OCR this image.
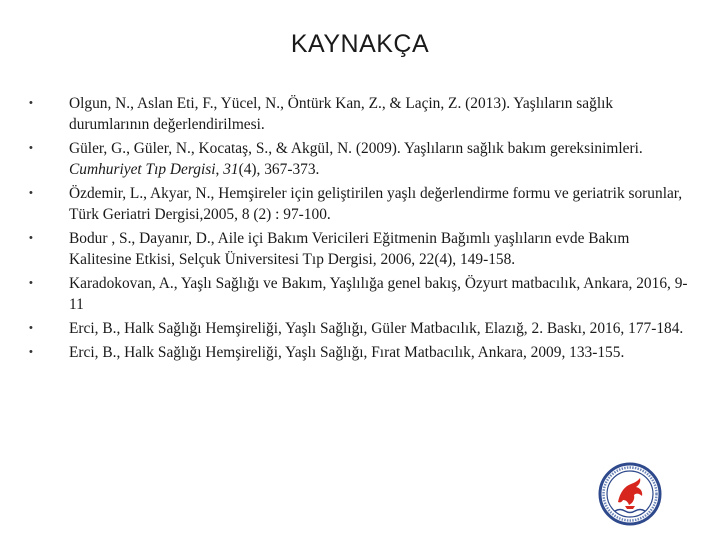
KAYNAKÇA
• Olgun, N., Aslan Eti, F., Yücel, N., Öntürk Kan, Z., & Laçin, Z. (2013). Yaşlıların sağlık durumlarının değerlendirilmesi.
• Güler, G., Güler, N., Kocataş, S., & Akgül, N. (2009). Yaşlıların sağlık bakım gereksinimleri. Cumhuriyet Tıp Dergisi, 31(4), 367-373.
• Özdemir, L., Akyar, N., Hemşireler için geliştirilen yaşlı değerlendirme formu ve geriatrik sorunlar, Türk Geriatri Dergisi,2005, 8 (2) : 97-100.
• Bodur , S., Dayanır, D., Aile içi Bakım Vericileri Eğitmenin Bağımlı yaşlıların evde Bakım Kalitesine Etkisi, Selçuk Üniversitesi Tıp Dergisi, 2006, 22(4), 149-158.
• Karadokovan, A., Yaşlı Sağlığı ve Bakım, Yaşlılığa genel bakış, Özyurt matbacılık, Ankara, 2016, 9-11
• Erci, B., Halk Sağlığı Hemşireliği, Yaşlı Sağlığı, Güler Matbacılık, Elazığ, 2. Baskı, 2016, 177-184.
• Erci, B., Halk Sağlığı Hemşireliği, Yaşlı Sağlığı, Fırat Matbacılık, Ankara, 2009, 133-155.
